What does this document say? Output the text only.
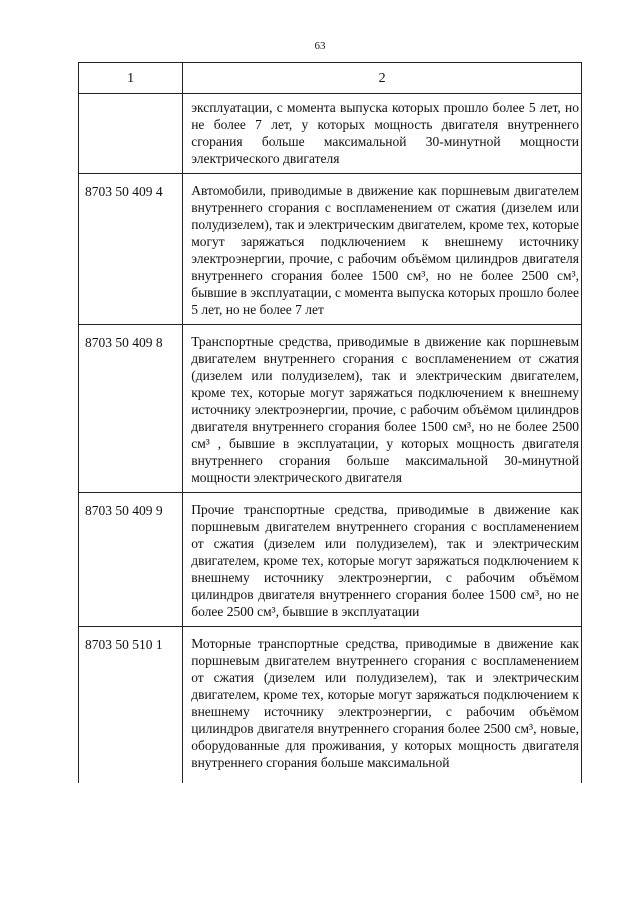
63
1	2
	эксплуатации, с момента выпуска которых прошло более 5 лет, но не более 7 лет, у которых мощность двигателя внутреннего сгорания больше максимальной 30-минутной мощности электрического двигателя
8703 50 409 4	Автомобили, приводимые в движение как поршневым двигателем внутреннего сгорания с воспламенением от сжатия (дизелем или полудизелем), так и электрическим двигателем, кроме тех, которые могут заряжаться подключением к внешнему источнику электроэнергии, прочие, с рабочим объёмом цилиндров двигателя внутреннего сгорания более 1500 см³, но не более 2500 см³, бывшие в эксплуатации, с момента выпуска которых прошло более 5 лет, но не более 7 лет
8703 50 409 8	Транспортные средства, приводимые в движение как поршневым двигателем внутреннего сгорания с воспламенением от сжатия (дизелем или полудизелем), так и электрическим двигателем, кроме тех, которые могут заряжаться подключением к внешнему источнику электроэнергии, прочие, с рабочим объёмом цилиндров двигателя внутреннего сгорания более 1500 см³, но не более 2500 см³ , бывшие в эксплуатации, у которых мощность двигателя внутреннего сгорания больше максимальной 30-минутной мощности электрического двигателя
8703 50 409 9	Прочие транспортные средства, приводимые в движение как поршневым двигателем внутреннего сгорания с воспламенением от сжатия (дизелем или полудизелем), так и электрическим двигателем, кроме тех, которые могут заряжаться подключением к внешнему источнику электроэнергии, с рабочим объёмом цилиндров двигателя внутреннего сгорания более 1500 см³, но не более 2500 см³, бывшие в эксплуатации
8703 50 510 1	Моторные транспортные средства, приводимые в движение как поршневым двигателем внутреннего сгорания с воспламенением от сжатия (дизелем или полудизелем), так и электрическим двигателем, кроме тех, которые могут заряжаться подключением к внешнему источнику электроэнергии, с рабочим объёмом цилиндров двигателя внутреннего сгорания более 2500 см³, новые, оборудованные для проживания, у которых мощность двигателя внутреннего сгорания больше максимальной
